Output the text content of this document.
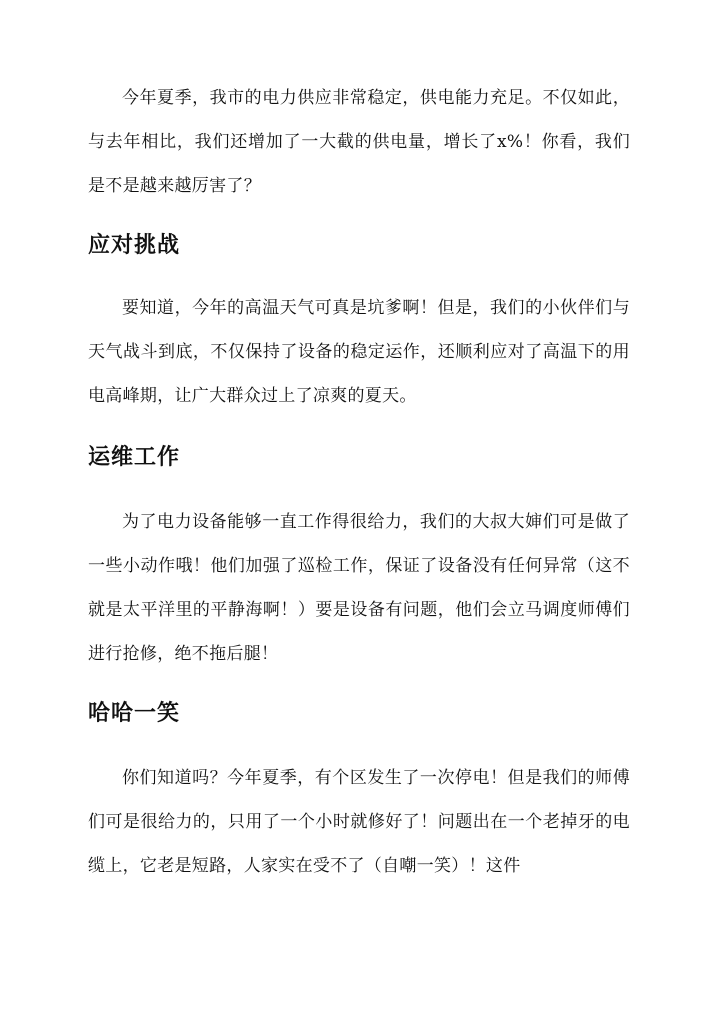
今年夏季，我市的电力供应非常稳定，供电能力充足。不仅如此，与去年相比，我们还增加了一大截的供电量，增长了x%！你看，我们是不是越来越厉害了？

应对挑战

要知道，今年的高温天气可真是坑爹啊！但是，我们的小伙伴们与天气战斗到底，不仅保持了设备的稳定运作，还顺利应对了高温下的用电高峰期，让广大群众过上了凉爽的夏天。

运维工作

为了电力设备能够一直工作得很给力，我们的大叔大婶们可是做了一些小动作哦！他们加强了巡检工作，保证了设备没有任何异常（这不就是太平洋里的平静海啊！）要是设备有问题，他们会立马调度师傅们进行抢修，绝不拖后腿！

哈哈一笑

你们知道吗？今年夏季，有个区发生了一次停电！但是我们的师傅们可是很给力的，只用了一个小时就修好了！问题出在一个老掉牙的电缆上，它老是短路，人家实在受不了（自嘲一笑）！这件
